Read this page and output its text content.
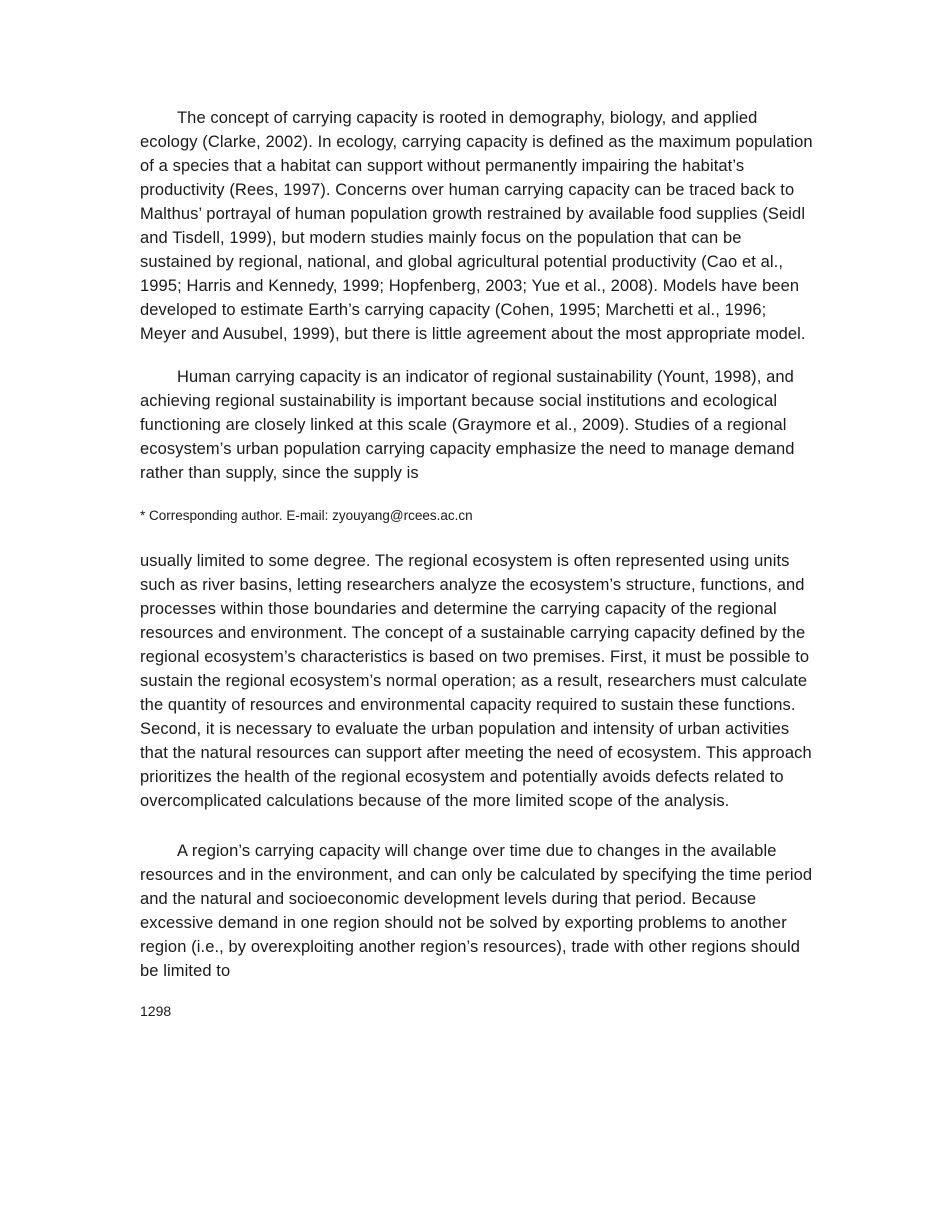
The concept of carrying capacity is rooted in demography, biology, and applied ecology (Clarke, 2002). In ecology, carrying capacity is defined as the maximum population of a species that a habitat can support without permanently impairing the habitat’s productivity (Rees, 1997). Concerns over human carrying capacity can be traced back to Malthus’ portrayal of human population growth restrained by available food supplies (Seidl and Tisdell, 1999), but modern studies mainly focus on the population that can be sustained by regional, national, and global agricultural potential productivity (Cao et al., 1995; Harris and Kennedy, 1999; Hopfenberg, 2003; Yue et al., 2008). Models have been developed to estimate Earth’s carrying capacity (Cohen, 1995; Marchetti et al., 1996; Meyer and Ausubel, 1999), but there is little agreement about the most appropriate model.

Human carrying capacity is an indicator of regional sustainability (Yount, 1998), and achieving regional sustainability is important because social institutions and ecological functioning are closely linked at this scale (Graymore et al., 2009). Studies of a regional ecosystem’s urban population carrying capacity emphasize the need to manage demand rather than supply, since the supply is

* Corresponding author. E-mail: zyouyang@rcees.ac.cn

usually limited to some degree. The regional ecosystem is often represented using units such as river basins, letting researchers analyze the ecosystem’s structure, functions, and processes within those boundaries and determine the carrying capacity of the regional resources and environment. The concept of a sustainable carrying capacity defined by the regional ecosystem’s characteristics is based on two premises. First, it must be possible to sustain the regional ecosystem’s normal operation; as a result, researchers must calculate the quantity of resources and environmental capacity required to sustain these functions. Second, it is necessary to evaluate the urban population and intensity of urban activities that the natural resources can support after meeting the need of ecosystem. This approach prioritizes the health of the regional ecosystem and potentially avoids defects related to overcomplicated calculations because of the more limited scope of the analysis.

A region’s carrying capacity will change over time due to changes in the available resources and in the environment, and can only be calculated by specifying the time period and the natural and socioeconomic development levels during that period. Because excessive demand in one region should not be solved by exporting problems to another region (i.e., by overexploiting another region’s resources), trade with other regions should be limited to

1298
